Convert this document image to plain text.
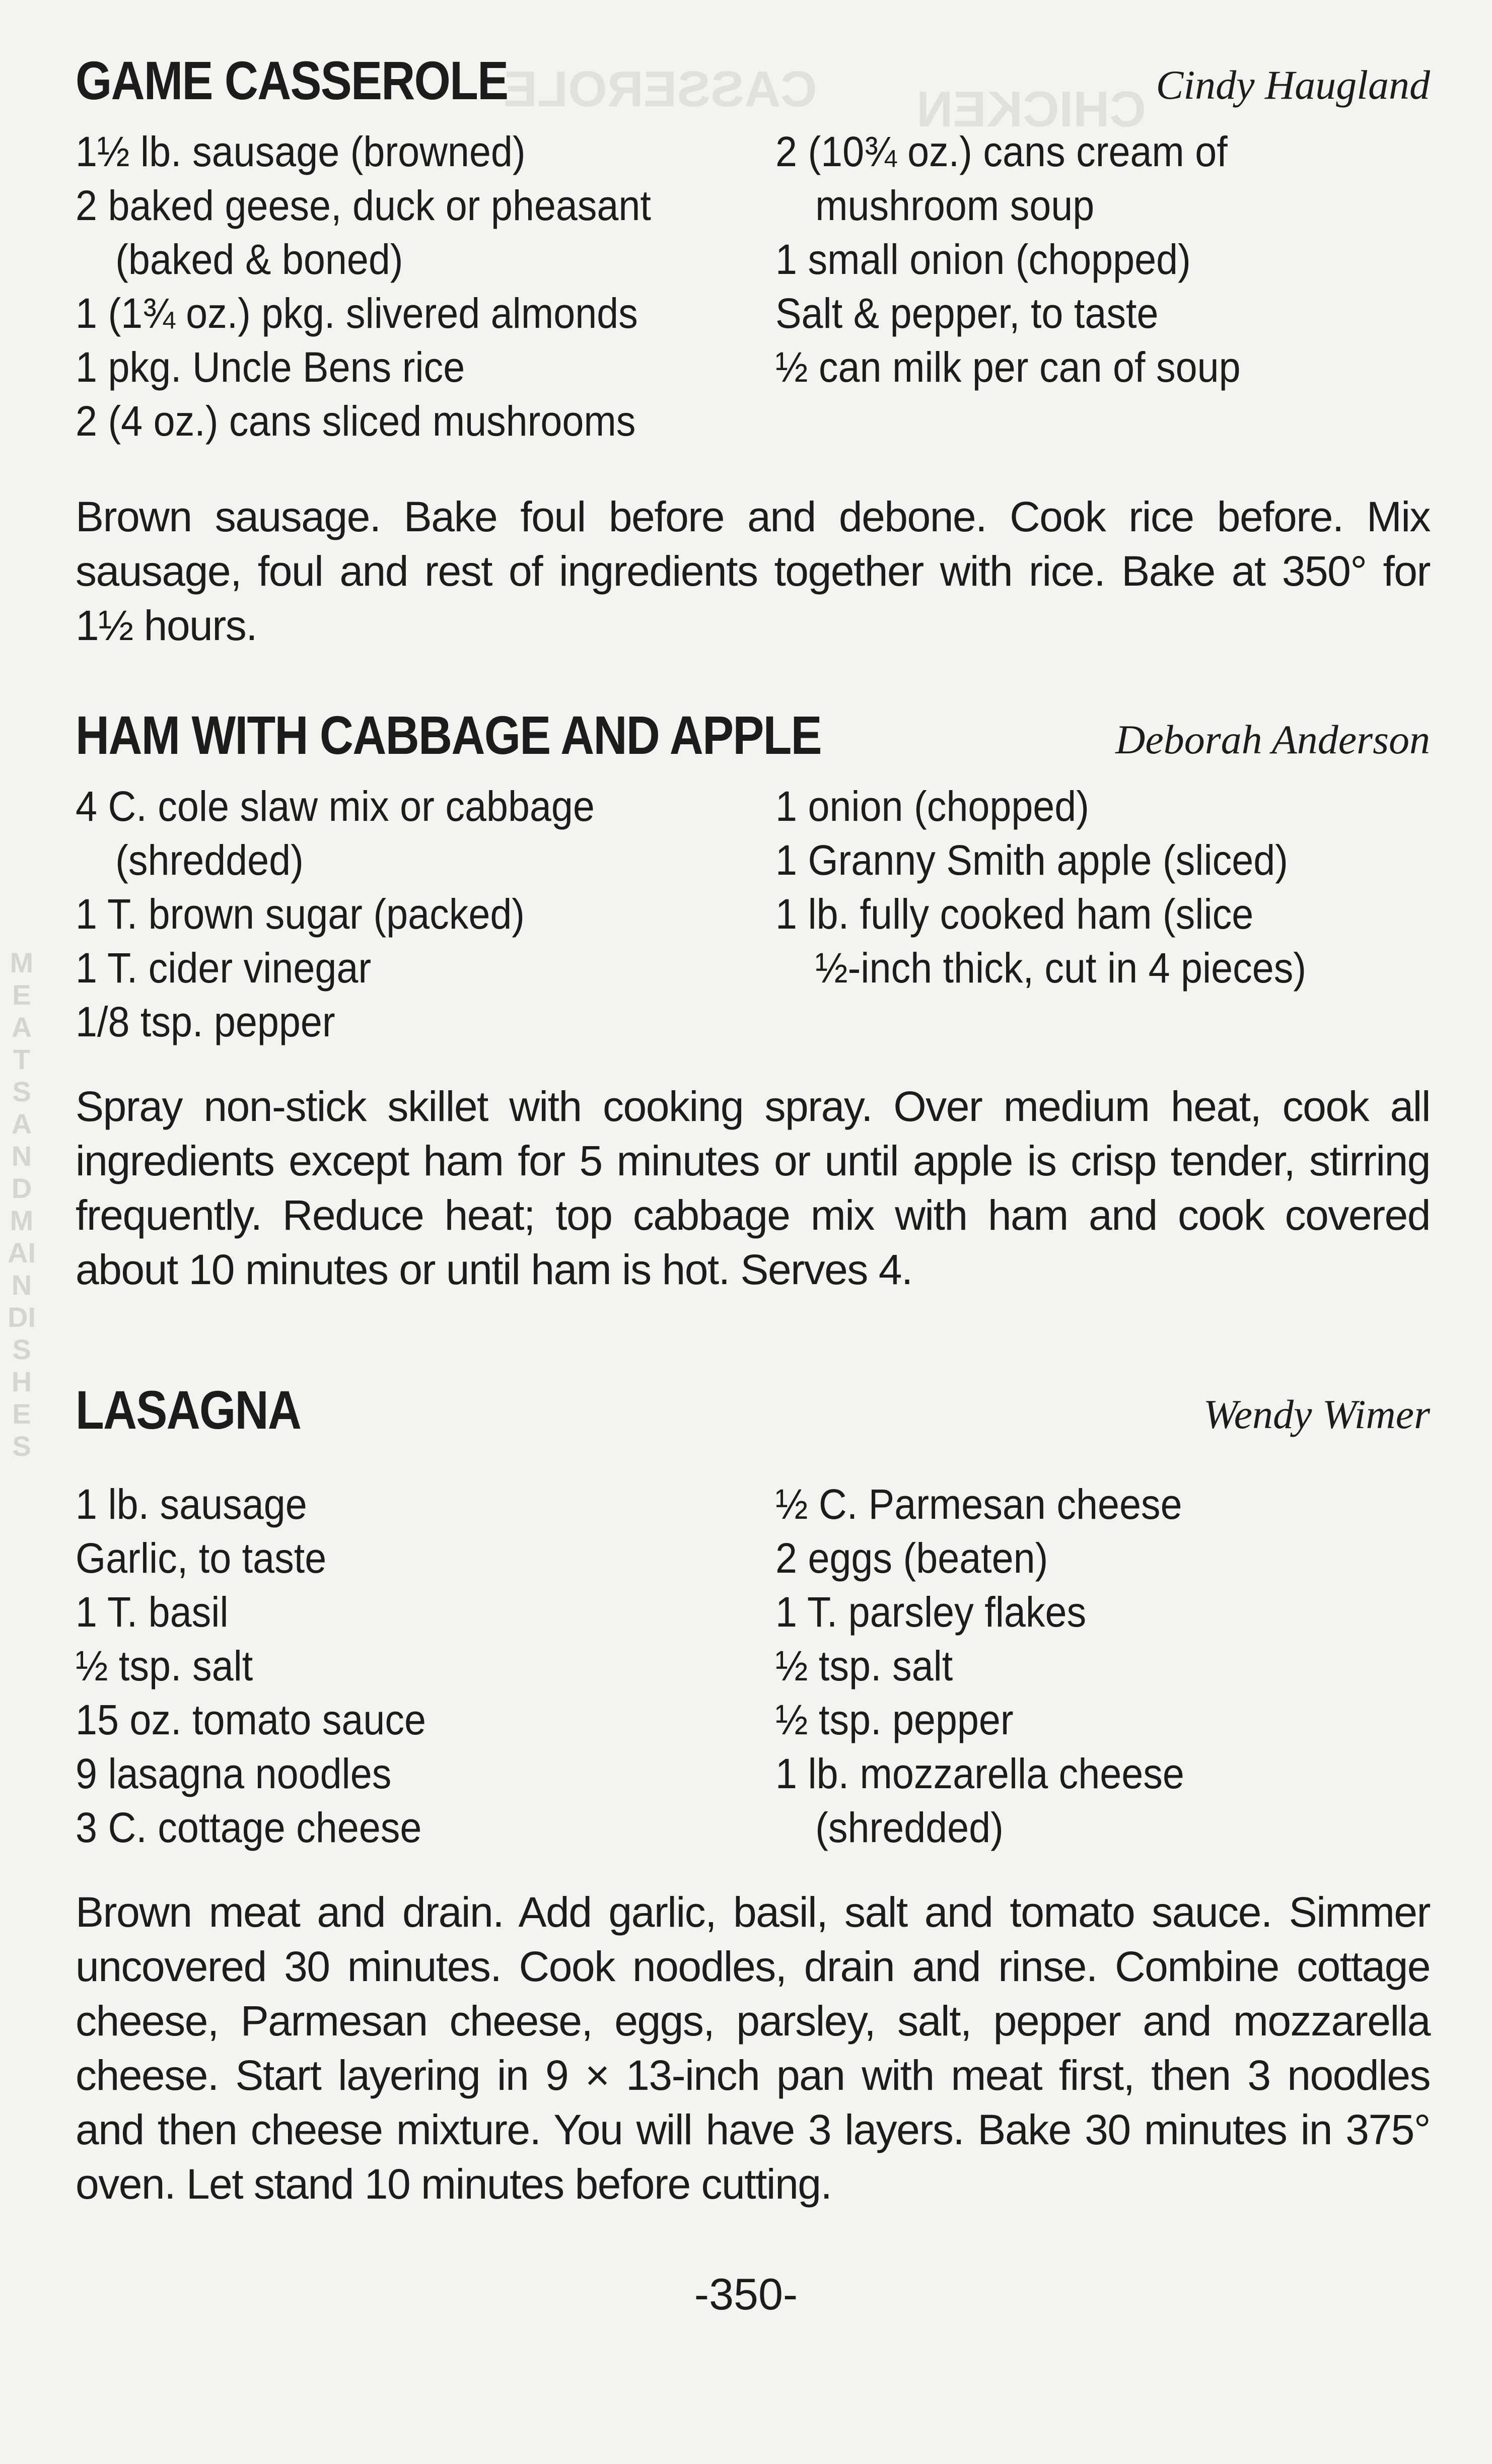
CASSEROLE CHICKEN
MEATS AND MAIN DISHES
GAME CASSEROLE	Cindy Haugland
1½ lb. sausage (browned)
2 baked geese, duck or pheasant
(baked & boned)
1 (1¾ oz.) pkg. slivered almonds
1 pkg. Uncle Bens rice
2 (4 oz.) cans sliced mushrooms
2 (10¾ oz.) cans cream of
mushroom soup
1 small onion (chopped)
Salt & pepper, to taste
½ can milk per can of soup

Brown sausage. Bake foul before and debone. Cook rice before. Mix sausage, foul and rest of ingredients together with rice. Bake at 350° for 1½ hours.

HAM WITH CABBAGE AND APPLE	Deborah Anderson
4 C. cole slaw mix or cabbage
(shredded)
1 T. brown sugar (packed)
1 T. cider vinegar
1/8 tsp. pepper
1 onion (chopped)
1 Granny Smith apple (sliced)
1 lb. fully cooked ham (slice
½-inch thick, cut in 4 pieces)

Spray non-stick skillet with cooking spray. Over medium heat, cook all ingredients except ham for 5 minutes or until apple is crisp tender, stirring frequently. Reduce heat; top cabbage mix with ham and cook covered about 10 minutes or until ham is hot. Serves 4.

LASAGNA	Wendy Wimer
1 lb. sausage
Garlic, to taste
1 T. basil
½ tsp. salt
15 oz. tomato sauce
9 lasagna noodles
3 C. cottage cheese
½ C. Parmesan cheese
2 eggs (beaten)
1 T. parsley flakes
½ tsp. salt
½ tsp. pepper
1 lb. mozzarella cheese
(shredded)

Brown meat and drain. Add garlic, basil, salt and tomato sauce. Simmer uncovered 30 minutes. Cook noodles, drain and rinse. Combine cottage cheese, Parmesan cheese, eggs, parsley, salt, pepper and mozzarella cheese. Start layering in 9 × 13-inch pan with meat first, then 3 noodles and then cheese mixture. You will have 3 layers. Bake 30 minutes in 375° oven. Let stand 10 minutes before cutting.

-350-
